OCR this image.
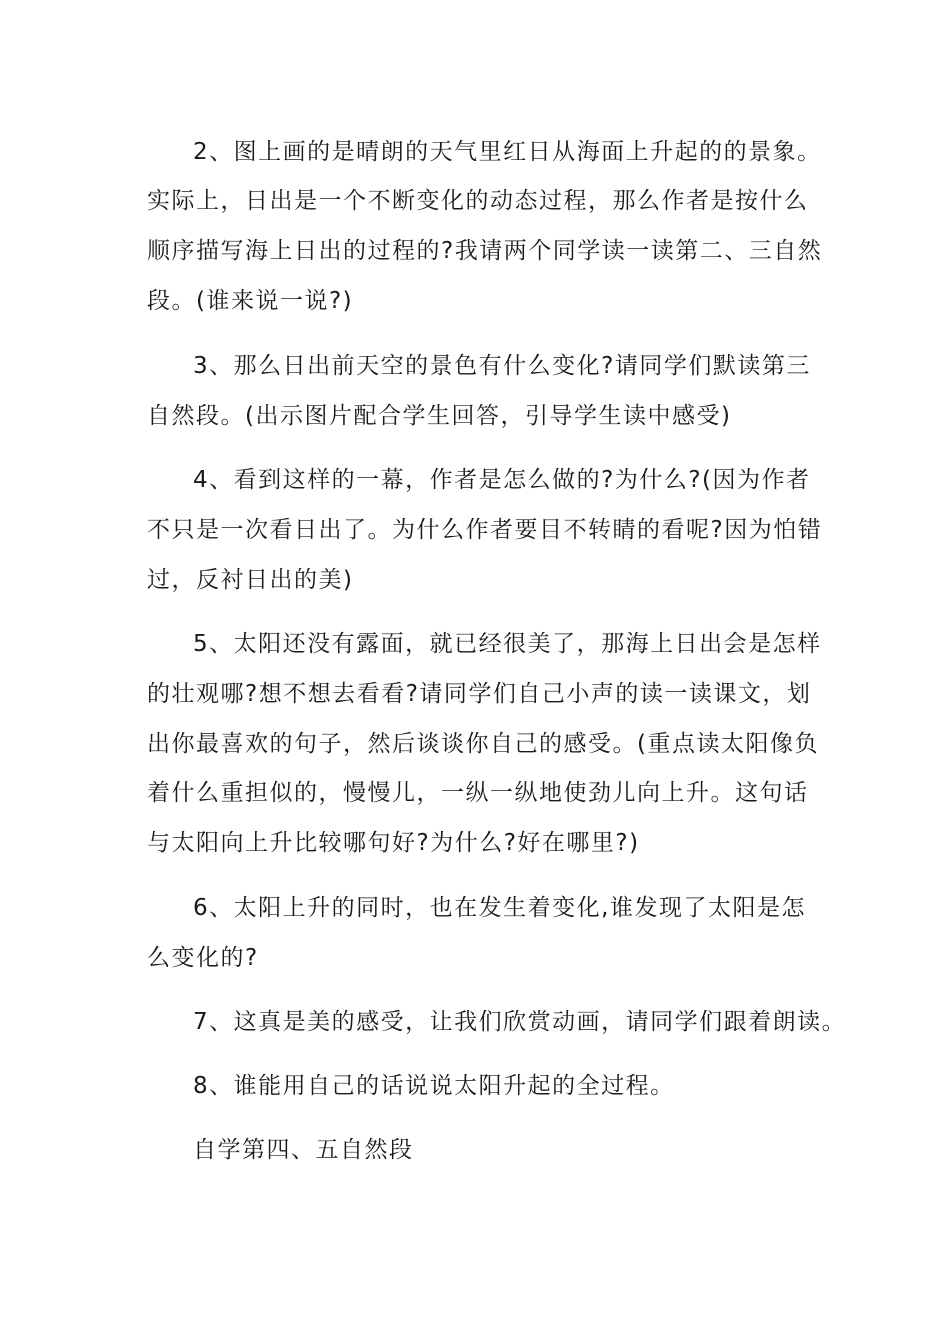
2、图上画的是晴朗的天气里红日从海面上升起的的景象。
实际上，日出是一个不断变化的动态过程，那么作者是按什么
顺序描写海上日出的过程的?我请两个同学读一读第二、三自然
段。(谁来说一说?)
3、那么日出前天空的景色有什么变化?请同学们默读第三
自然段。(出示图片配合学生回答，引导学生读中感受)
4、看到这样的一幕，作者是怎么做的?为什么?(因为作者
不只是一次看日出了。为什么作者要目不转睛的看呢?因为怕错
过，反衬日出的美)
5、太阳还没有露面，就已经很美了，那海上日出会是怎样
的壮观哪?想不想去看看?请同学们自己小声的读一读课文，划
出你最喜欢的句子，然后谈谈你自己的感受。(重点读太阳像负
着什么重担似的，慢慢儿，一纵一纵地使劲儿向上升。这句话
与太阳向上升比较哪句好?为什么?好在哪里?)
6、太阳上升的同时，也在发生着变化,谁发现了太阳是怎
么变化的?
7、这真是美的感受，让我们欣赏动画，请同学们跟着朗读。
8、谁能用自己的话说说太阳升起的全过程。
自学第四、五自然段
